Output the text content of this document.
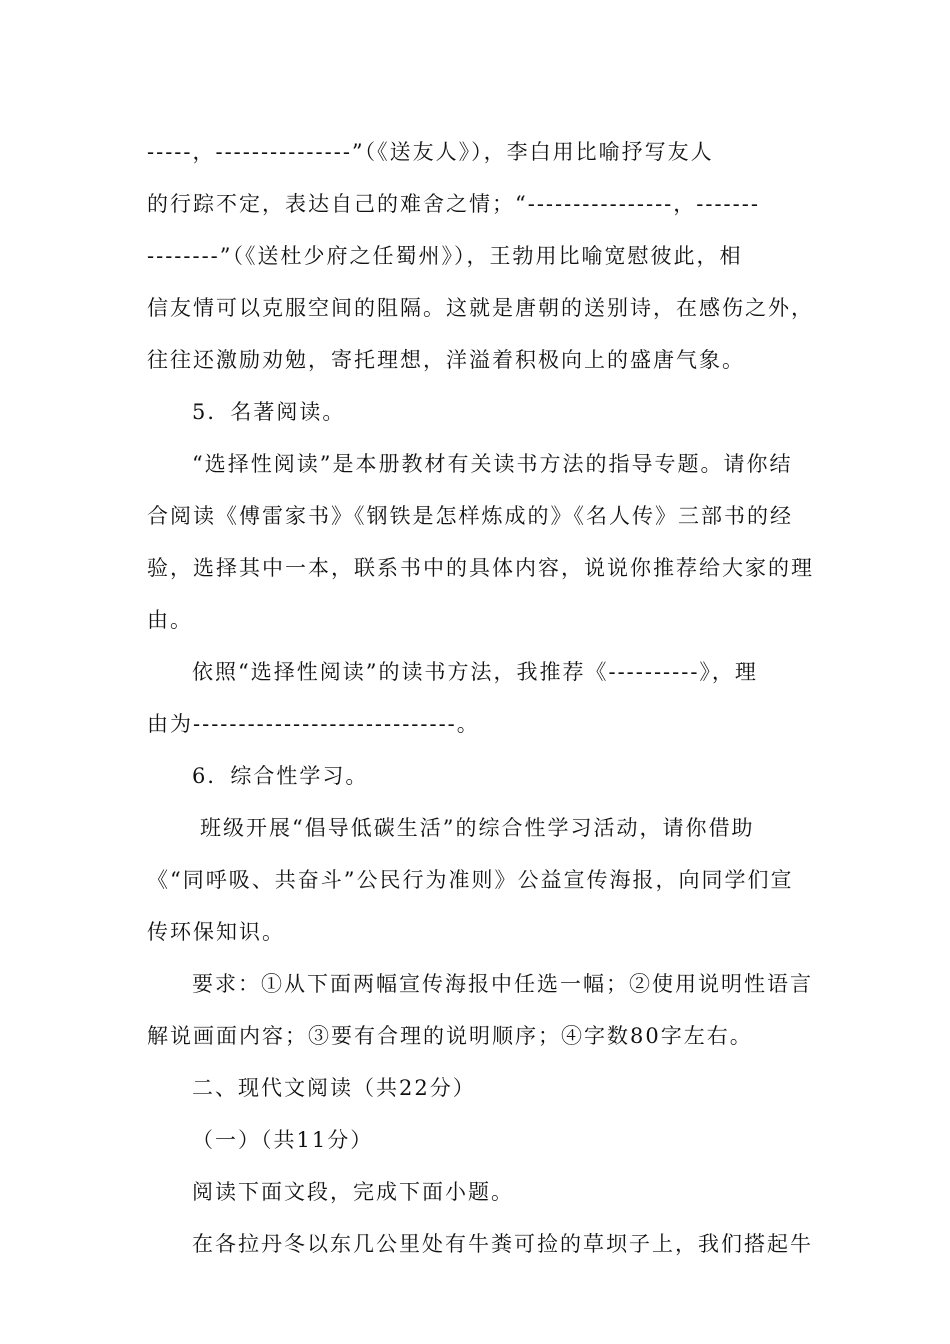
-----，---------------”（《送友人》），李白用比喻抒写友人
的行踪不定，表达自己的难舍之情；“----------------，-------
--------”（《送杜少府之任蜀州》），王勃用比喻宽慰彼此，相
信友情可以克服空间的阻隔。这就是唐朝的送别诗，在感伤之外，
往往还激励劝勉，寄托理想，洋溢着积极向上的盛唐气象。
5．名著阅读。
“选择性阅读”是本册教材有关读书方法的指导专题。请你结
合阅读《傅雷家书》《钢铁是怎样炼成的》《名人传》三部书的经
验，选择其中一本，联系书中的具体内容，说说你推荐给大家的理
由。
依照“选择性阅读”的读书方法，我推荐《----------》，理
由为-----------------------------。
6．综合性学习。
班级开展“倡导低碳生活”的综合性学习活动，请你借助
《“同呼吸、共奋斗”公民行为准则》公益宣传海报，向同学们宣
传环保知识。
要求：①从下面两幅宣传海报中任选一幅；②使用说明性语言
解说画面内容；③要有合理的说明顺序；④字数80字左右。
二、现代文阅读（共22分）
（一）（共11分）
阅读下面文段，完成下面小题。
在各拉丹冬以东几公里处有牛粪可捡的草坝子上，我们搭起牛
